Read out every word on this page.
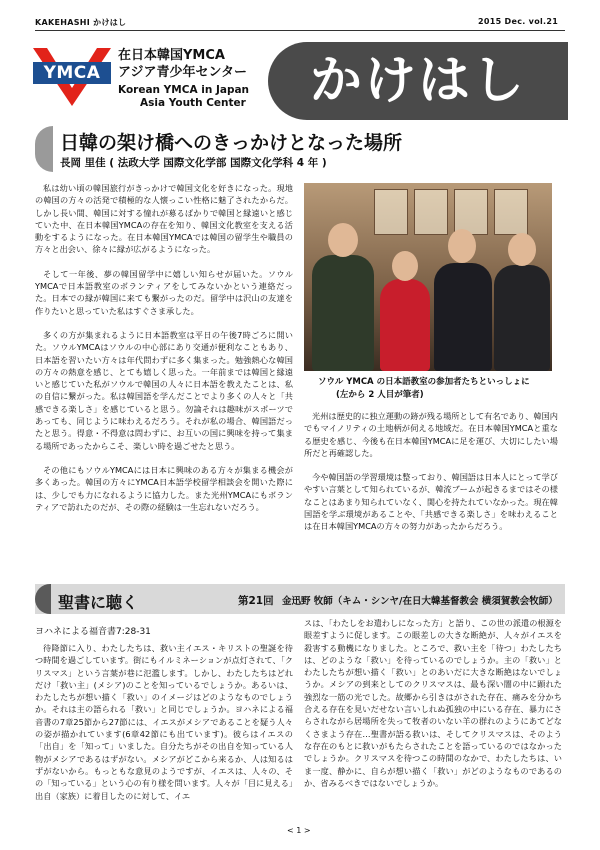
KAKEHASHI かけはし	2015 Dec. vol.21
YMCA
在日本韓国YMCA
アジア青少年センター
Korean YMCA in Japan
Asia Youth Center	かけはし
日韓の架け橋へのきっかけとなった場所
長岡 里佳 ( 法政大学 国際文化学部 国際文化学科 4 年 )

私は幼い頃の韓国旅行がきっかけで韓国文化を好きになった。現地の韓国の方々の活発で積極的な人懐っこい性格に魅了されたからだ。しかし長い間、韓国に対する憧れが募るばかりで韓国と縁遠いと感じていた中、在日本韓国YMCAの存在を知り、韓国文化教室を支える活動をするようになった。在日本韓国YMCAでは韓国の留学生や職員の方々と出会い、徐々に縁が広がるようになった。

そして一年後、夢の韓国留学中に嬉しい知らせが届いた。ソウルYMCAで日本語教室のボランティアをしてみないかという連絡だった。日本での縁が韓国に来ても繋がったのだ。留学中は沢山の友達を作りたいと思っていた私はすぐさま承した。

多くの方が集まれるように日本語教室は平日の午後7時ごろに開いた。ソウルYMCAはソウルの中心部にあり交通が便利なこともあり、日本語を習いたい方々は年代問わずに多く集まった。勉強熱心な韓国の方々の熱意を感じ、とても嬉しく思った。一年前までは韓国と縁遠いと感じていた私がソウルで韓国の人々に日本語を教えたことは、私の自信に繋がった。私は韓国語を学んだことでより多くの人々と「共感できる楽しさ」を感じていると思う。勿論それは趣味がスポーツであっても、同じように味わえるだろう。それが私の場合、韓国語だったと思う。得意・不得意は問わずに、お互いの国に興味を持って集まる場所であったからこそ、楽しい時を過ごせたと思う。

その他にもソウルYMCAには日本に興味のある方々が集まる機会が多くあった。韓国の方々にYMCA日本語学校留学相談会を開いた際には、少しでも力になれるように協力した。また光州YMCAにもボランティアで訪れたのだが、その際の経験は一生忘れないだろう。

ソウル YMCA の日本語教室の参加者たちといっしょに
(左から 2 人目が筆者)

光州は歴史的に独立運動の跡が残る場所として有名であり、韓国内でもマイノリティの土地柄が伺える地域だ。在日本韓国YMCAと重なる歴史を感じ、今後も在日本韓国YMCAに足を運び、大切にしたい場所だと再確認した。

今や韓国語の学習環境は整っており、韓国語は日本人にとって学びやすい言葉として知られているが、韓流ブームが起きるまではその様なことはあまり知られていなく、関心を持たれていなかった。現在韓国語を学ぶ環境があることや、「共感できる楽しさ」を味わえることは在日本韓国YMCAの方々の努力があったからだろう。

聖書に聴く	第21回 金迅野 牧師（キム・シンヤ/在日大韓基督教会 横須賀教会牧師）
ヨハネによる福音書7:28-31
待降節に入り、わたしたちは、救い主イエス・キリストの聖誕を待つ時間を過ごしています。街にもイルミネーションが点灯されて、「クリスマス」という言葉が巷に氾濫します。しかし、わたしたちはどれだけ「救い主」(メシア)のことを知っているでしょうか。あるいは、わたしたちが想い描く「救い」のイメージはどのようなものでしょうか。それは主の語られる「救い」と同じでしょうか。ヨハネによる福音書の7章25節から27節には、イエスがメシアであることを疑う人々の姿が描かれています(6章42節にも出ています)。彼らはイエスの「出自」を「知って」いました。自分たちがその出自を知っている人物がメシアであるはずがない。メシアがどこから来るか、人は知るはずがないから。もっともな意見のようですが、イエスは、人々の、その「知っている」という心の有り様を問います。人々が「目に見える」出自（家族）に着目したのに対して、イエ
スは、「わたしをお遣わしになった方」と語り、この世の派遣の根源を眼差すように促します。この眼差しの大きな断絶が、人々がイエスを殺害する動機になりました。ところで、救い主を「待つ」わたしたちは、どのような「救い」を待っているのでしょうか。主の「救い」とわたしたちが想い描く「救い」とのあいだに大きな断絶はないでしょうか。メシアの到来としてのクリスマスは、最も深い闇の中に顕れた強烈な一筋の光でした。故郷から引きはがされた存在、痛みを分かち合える存在を見いだせない言いしれぬ孤独の中にいる存在、暴力にさらされながら居場所を失って牧者のいない羊の群れのようにあてどなくさまよう存在…聖書が語る救いは、そしてクリスマスは、そのような存在のもとに救いがもたらされたことを語っているのではなかったでしょうか。クリスマスを待つこの時間のなかで、わたしたちは、いま一度、静かに、自らが想い描く「救い」がどのようなものであるのか、省みるべきではないでしょうか。
< 1 >
